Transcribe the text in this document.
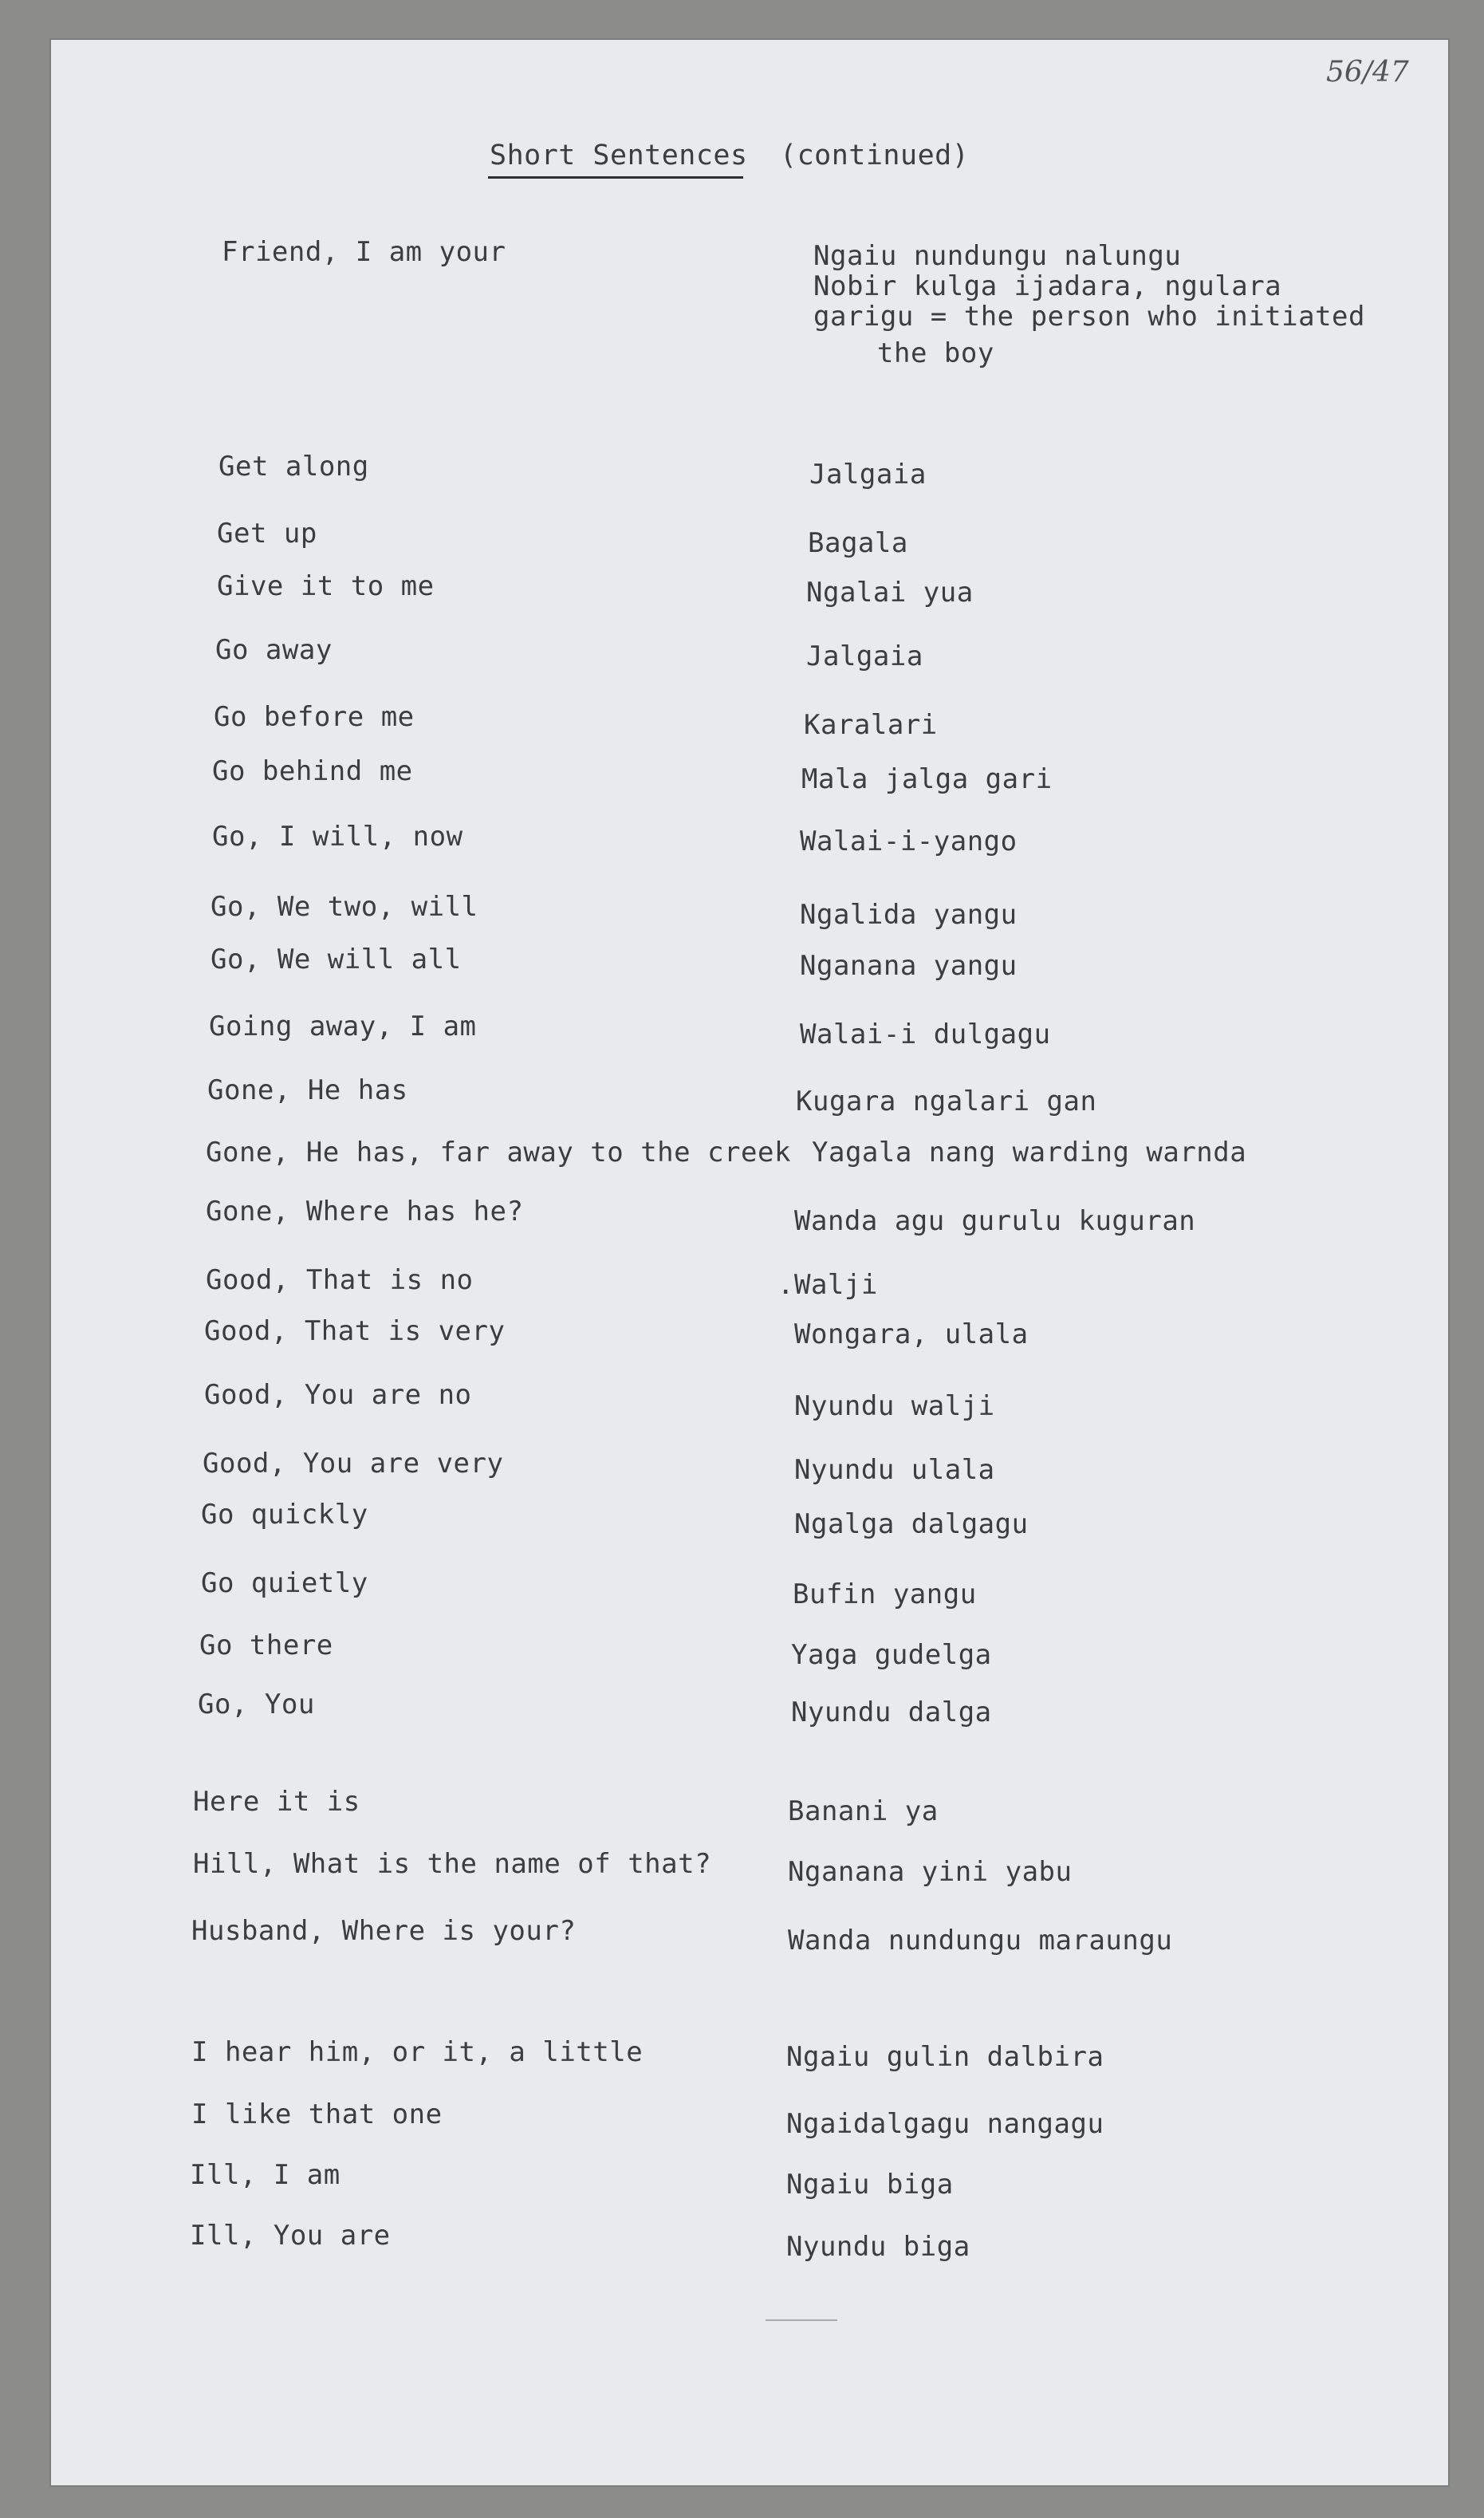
56/47
Short Sentences (continued)
Friend, I am your	Ngaiu nundungu nalungu
Nobir kulga ijadara, ngulara
garigu = the person who initiated
the boy
Get along	Jalgaia
Get up	Bagala
Give it to me	Ngalai yua
Go away	Jalgaia
Go before me	Karalari
Go behind me	Mala jalga gari
Go, I will, now	Walai-i-yango
Go, We two, will	Ngalida yangu
Go, We will all	Nganana yangu
Going away, I am	Walai-i dulgagu
Gone, He has	Kugara ngalari gan
Gone, He has, far away to the creek Yagala nang warding warnda
Gone, Where has he?	Wanda agu gurulu kuguran
Good, That is no	.Walji
Good, That is very	Wongara, ulala
Good, You are no	Nyundu walji
Good, You are very	Nyundu ulala
Go quickly	Ngalga dalgagu
Go quietly	Bufin yangu
Go there	Yaga gudelga
Go, You	Nyundu dalga
Here it is	Banani ya
Hill, What is the name of that?	Nganana yini yabu
Husband, Where is your?	Wanda nundungu maraungu
I hear him, or it, a little	Ngaiu gulin dalbira
I like that one	Ngaidalgagu nangagu
Ill, I am	Ngaiu biga
Ill, You are	Nyundu biga
